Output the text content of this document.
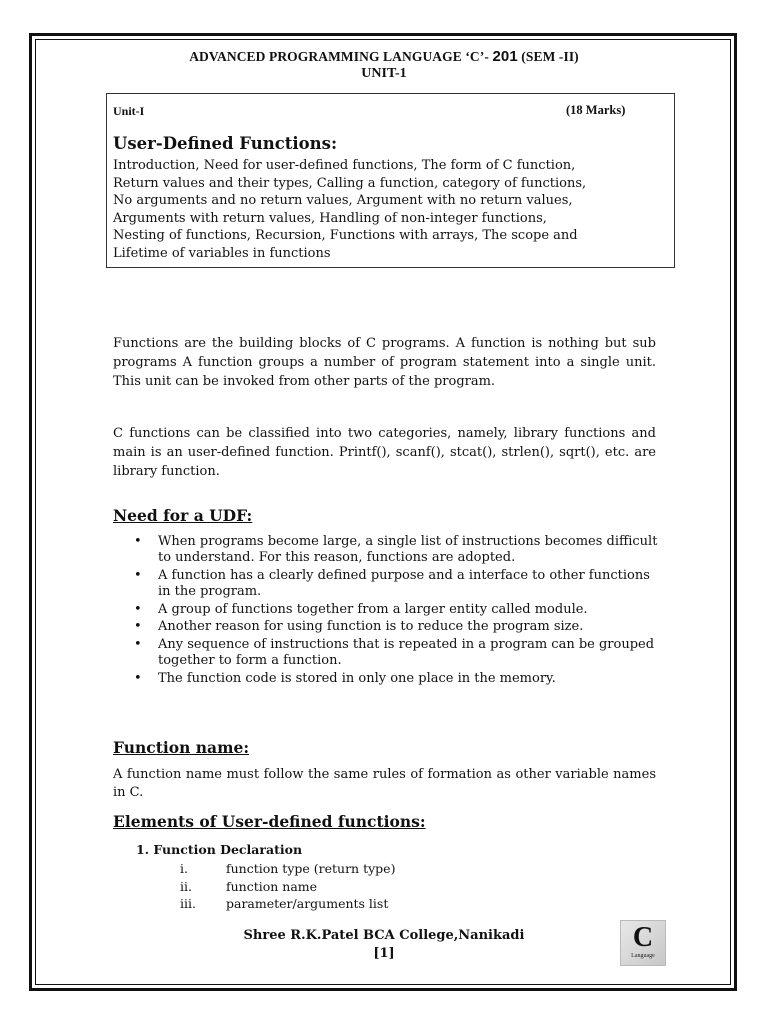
ADVANCED PROGRAMMING LANGUAGE ‘C’- 201 (SEM -II)
UNIT-1
Unit-I	(18 Marks)
User-Defined Functions:
Introduction, Need for user-defined functions, The form of C function,
Return values and their types, Calling a function, category of functions,
No arguments and no return values, Argument with no return values,
Arguments with return values, Handling of non-integer functions,
Nesting of functions, Recursion, Functions with arrays, The scope and
Lifetime of variables in functions
Functions are the building blocks of C programs. A function is nothing but sub programs A function groups a number of program statement into a single unit. This unit can be invoked from other parts of the program.
C functions can be classified into two categories, namely, library functions and main is an user-defined function. Printf(), scanf(), stcat(), strlen(), sqrt(), etc. are library function.
Need for a UDF:
• When programs become large, a single list of instructions becomes difficult to understand. For this reason, functions are adopted.
• A function has a clearly defined purpose and a interface to other functions in the program.
• A group of functions together from a larger entity called module.
• Another reason for using function is to reduce the program size.
• Any sequence of instructions that is repeated in a program can be grouped together to form a function.
• The function code is stored in only one place in the memory.
Function name:
A function name must follow the same rules of formation as other variable names in C.
Elements of User-defined functions:
1. Function Declaration
i.	function type (return type)
ii.	function name
iii. parameter/arguments list
Shree R.K.Patel BCA College,Nanikadi
[1]
C
Language
